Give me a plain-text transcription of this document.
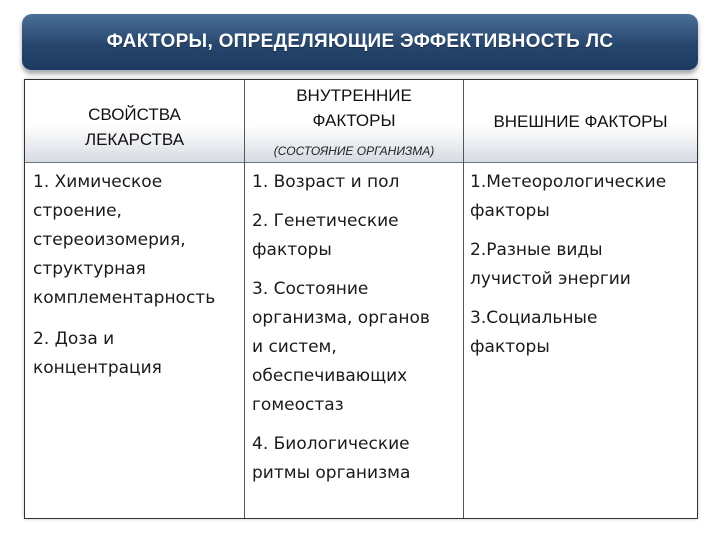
ФАКТОРЫ, ОПРЕДЕЛЯЮЩИЕ ЭФФЕКТИВНОСТЬ ЛС
СВОЙСТВА
ЛЕКАРСТВА
ВНУТРЕННИЕ
ФАКТОРЫ
(СОСТОЯНИЕ ОРГАНИЗМА)
ВНЕШНИЕ ФАКТОРЫ
1. Химическое
строение,
стереоизомерия,
структурная
комплементарность
2. Доза и
концентрация
1. Возраст и пол
2. Генетические
факторы
3. Состояние
организма, органов
и систем,
обеспечивающих
гомеостаз
4. Биологические
ритмы организма
1.Метеорологические
факторы
2.Разные виды
лучистой энергии
3.Социальные
факторы
